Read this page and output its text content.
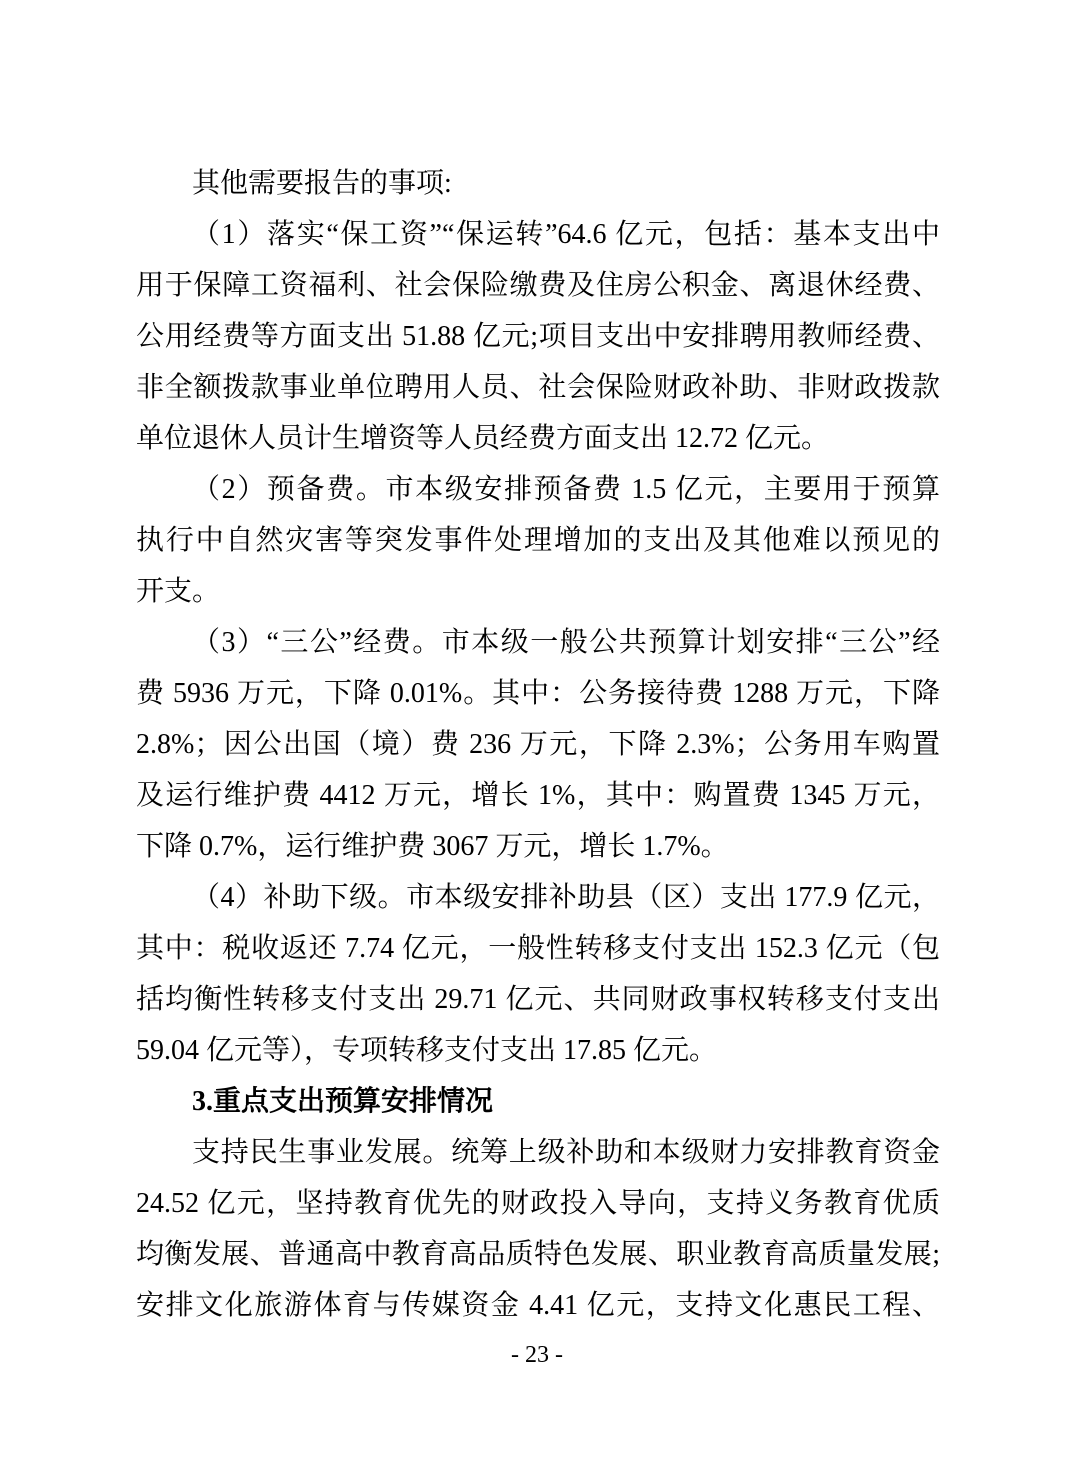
其他需要报告的事项:
（1）落实“保工资”“保运转”64.6 亿元，包括：基本支出中
用于保障工资福利、社会保险缴费及住房公积金、离退休经费、
公用经费等方面支出 51.88 亿元;项目支出中安排聘用教师经费、
非全额拨款事业单位聘用人员、社会保险财政补助、非财政拨款
单位退休人员计生增资等人员经费方面支出 12.72 亿元。
（2）预备费。市本级安排预备费 1.5 亿元，主要用于预算
执行中自然灾害等突发事件处理增加的支出及其他难以预见的
开支。
（3）“三公”经费。市本级一般公共预算计划安排“三公”经
费 5936 万元，下降 0.01%。其中：公务接待费 1288 万元，下降
2.8%；因公出国（境）费 236 万元，下降 2.3%；公务用车购置
及运行维护费 4412 万元，增长 1%，其中：购置费 1345 万元，
下降 0.7%，运行维护费 3067 万元，增长 1.7%。
（4）补助下级。市本级安排补助县（区）支出 177.9 亿元，
其中：税收返还 7.74 亿元，一般性转移支付支出 152.3 亿元（包
括均衡性转移支付支出 29.71 亿元、共同财政事权转移支付支出
59.04 亿元等），专项转移支付支出 17.85 亿元。
3.重点支出预算安排情况
支持民生事业发展。统筹上级补助和本级财力安排教育资金
24.52 亿元，坚持教育优先的财政投入导向，支持义务教育优质
均衡发展、普通高中教育高品质特色发展、职业教育高质量发展;
安排文化旅游体育与传媒资金 4.41 亿元，支持文化惠民工程、
- 23 -
